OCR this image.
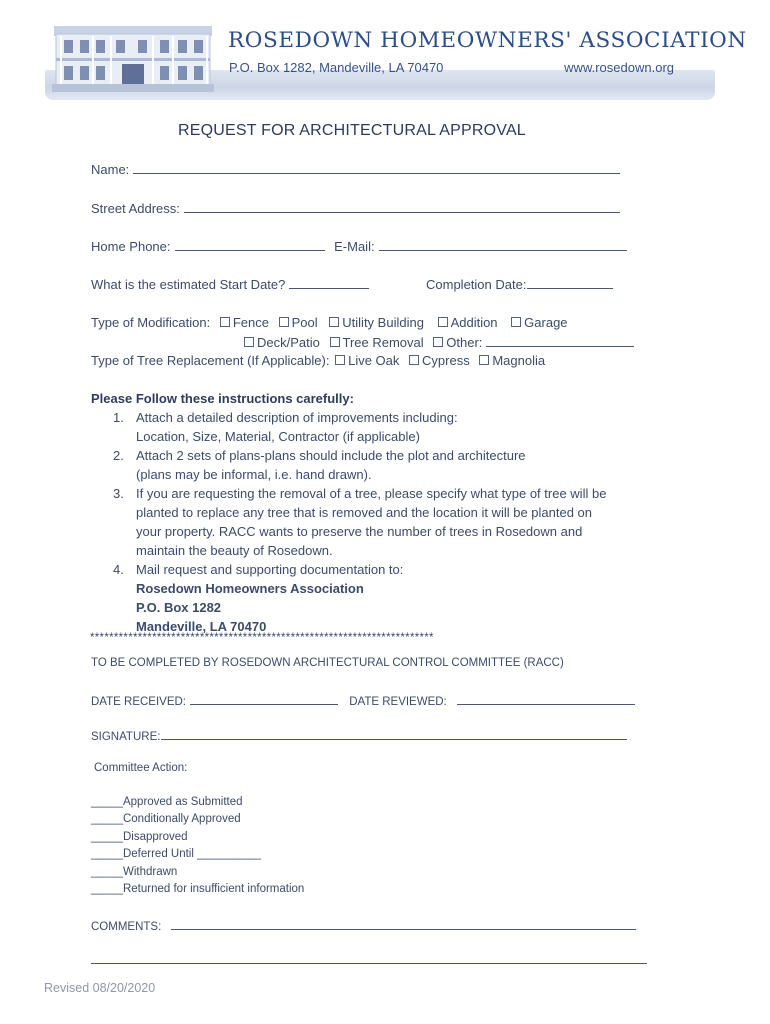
ROSEDOWN HOMEOWNERS' ASSOCIATION
P.O. Box 1282, Mandeville, LA 70470	www.rosedown.org
REQUEST FOR ARCHITECTURAL APPROVAL
Name:
Street Address:
Home Phone:	E-Mail:
What is the estimated Start Date?	Completion Date:
Type of Modification: Fence Pool Utility Building Addition Garage
Deck/Patio Tree Removal Other:
Type of Tree Replacement (If Applicable): Live Oak Cypress Magnolia
Please Follow these instructions carefully:
1. Attach a detailed description of improvements including:
Location, Size, Material, Contractor (if applicable)
2. Attach 2 sets of plans-plans should include the plot and architecture
(plans may be informal, i.e. hand drawn).
3. If you are requesting the removal of a tree, please specify what type of tree will be
planted to replace any tree that is removed and the location it will be planted on
your property. RACC wants to preserve the number of trees in Rosedown and
maintain the beauty of Rosedown.
4. Mail request and supporting documentation to:
Rosedown Homeowners Association
P.O. Box 1282
Mandeville, LA 70470
************************************************************************
TO BE COMPLETED BY ROSEDOWN ARCHITECTURAL CONTROL COMMITTEE (RACC)
DATE RECEIVED:	DATE REVIEWED:
SIGNATURE:
Committee Action:
_____Approved as Submitted
_____Conditionally Approved
_____Disapproved
_____Deferred Until __________
_____Withdrawn
_____Returned for insufficient information
COMMENTS:
Revised 08/20/2020
